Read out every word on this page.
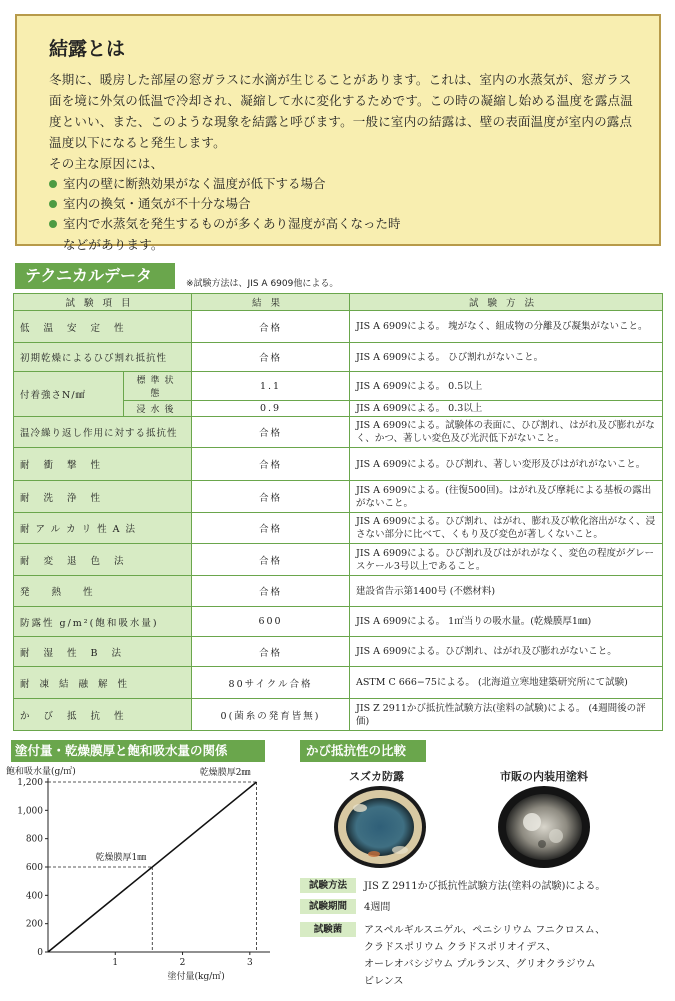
結露とは

冬期に、暖房した部屋の窓ガラスに水滴が生じることがあります。これは、室内の水蒸気が、窓ガラス面を境に外気の低温で冷却され、凝縮して水に変化するためです。この時の凝縮し始める温度を露点温度といい、また、このような現象を結露と呼びます。一般に室内の結露は、壁の表面温度が室内の露点温度以下になると発生します。

その主な原因には、

室内の壁に断熱効果がなく温度が低下する場合
室内の換気・通気が不十分な場合
室内で水蒸気を発生するものが多くあり湿度が高くなった時

などがあります。

テクニカルデータ	※試験方法は、JIS A 6909他による。
試験項目		結果	試験方法
低温安定性		合格	JIS A 6909による。 塊がなく、組成物の分離及び凝集がないこと。
初期乾燥によるひび割れ抵抗性		合格	JIS A 6909による。 ひび割れがないこと。
付着強さN/㎟	標準状態	1.1	JIS A 6909による。 0.5以上
	浸水後	0.9	JIS A 6909による。 0.3以上
温冷繰り返し作用に対する抵抗性		合格	JIS A 6909による。試験体の表面に、ひび割れ、はがれ及び膨れがなく、かつ、著しい変色及び光沢低下がないこと。
耐衝撃性		合格	JIS A 6909による。ひび割れ、著しい変形及びはがれがないこと。
耐洗浄性		合格	JIS A 6909による。(往復500回)。はがれ及び摩耗による基板の露出がないこと。
耐アルカリ性A法		合格	JIS A 6909による。ひび割れ、はがれ、膨れ及び軟化溶出がなく、浸さない部分に比べて、くもり及び変色が著しくないこと。
耐変退色法		合格	JIS A 6909による。ひび割れ及びはがれがなく、変色の程度がグレースケール3号以上であること。
発熱性		合格	建設省告示第1400号 (不燃材料)
防露性 g/m²(飽和吸水量)		600	JIS A 6909による。 1㎡当りの吸水量。(乾燥膜厚1㎜)
耐湿性B法		合格	JIS A 6909による。ひび割れ、はがれ及び膨れがないこと。
耐凍結融解性		80サイクル合格	ASTM C 666−75による。 (北海道立寒地建築研究所にて試験)
かび抵抗性		0(菌糸の発育皆無)	JIS Z 2911かび抵抗性試験方法(塗料の試験)による。 (4週間後の評価)
塗付量・乾燥膜厚と飽和吸水量の関係
飽和吸水量(g/㎡)
0
200
400
600
800
1,000
1,200
1	2	3
塗付量(kg/㎡)
乾燥膜厚1㎜
乾燥膜厚2㎜
かび抵抗性の比較
スズカ防露	市販の内装用塗料
試験方法	JIS Z 2911かび抵抗性試験方法(塗料の試験)による。
試験期間	4週間
試験菌	アスペルギルスニゲル、ペニシリウム フニクロスム、
クラドスポリウム クラドスポリオイデス、
オーレオバシジウム プルランス、グリオクラジウム
ビレンス
